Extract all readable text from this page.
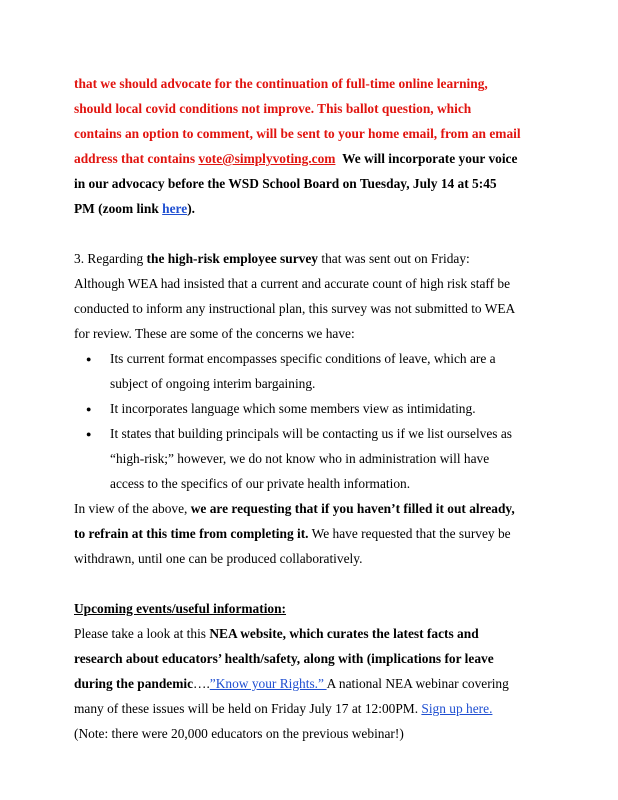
that we should advocate for the continuation of full-time online learning,
should local covid conditions not improve. This ballot question, which
contains an option to comment, will be sent to your home email, from an email
address that contains vote@simplyvoting.com We will incorporate your voice
in our advocacy before the WSD School Board on Tuesday, July 14 at 5:45
PM (zoom link here).
3. Regarding the high-risk employee survey that was sent out on Friday:
Although WEA had insisted that a current and accurate count of high risk staff be
conducted to inform any instructional plan, this survey was not submitted to WEA
for review. These are some of the concerns we have:
● Its current format encompasses specific conditions of leave, which are a
subject of ongoing interim bargaining.
● It incorporates language which some members view as intimidating.
● It states that building principals will be contacting us if we list ourselves as
“high-risk;” however, we do not know who in administration will have
access to the specifics of our private health information.
In view of the above, we are requesting that if you haven’t filled it out already,
to refrain at this time from completing it. We have requested that the survey be
withdrawn, until one can be produced collaboratively.
Upcoming events/useful information:
Please take a look at this NEA website, which curates the latest facts and
research about educators’ health/safety, along with (implications for leave
during the pandemic….”Know your Rights.” A national NEA webinar covering
many of these issues will be held on Friday July 17 at 12:00PM. Sign up here.
(Note: there were 20,000 educators on the previous webinar!)
